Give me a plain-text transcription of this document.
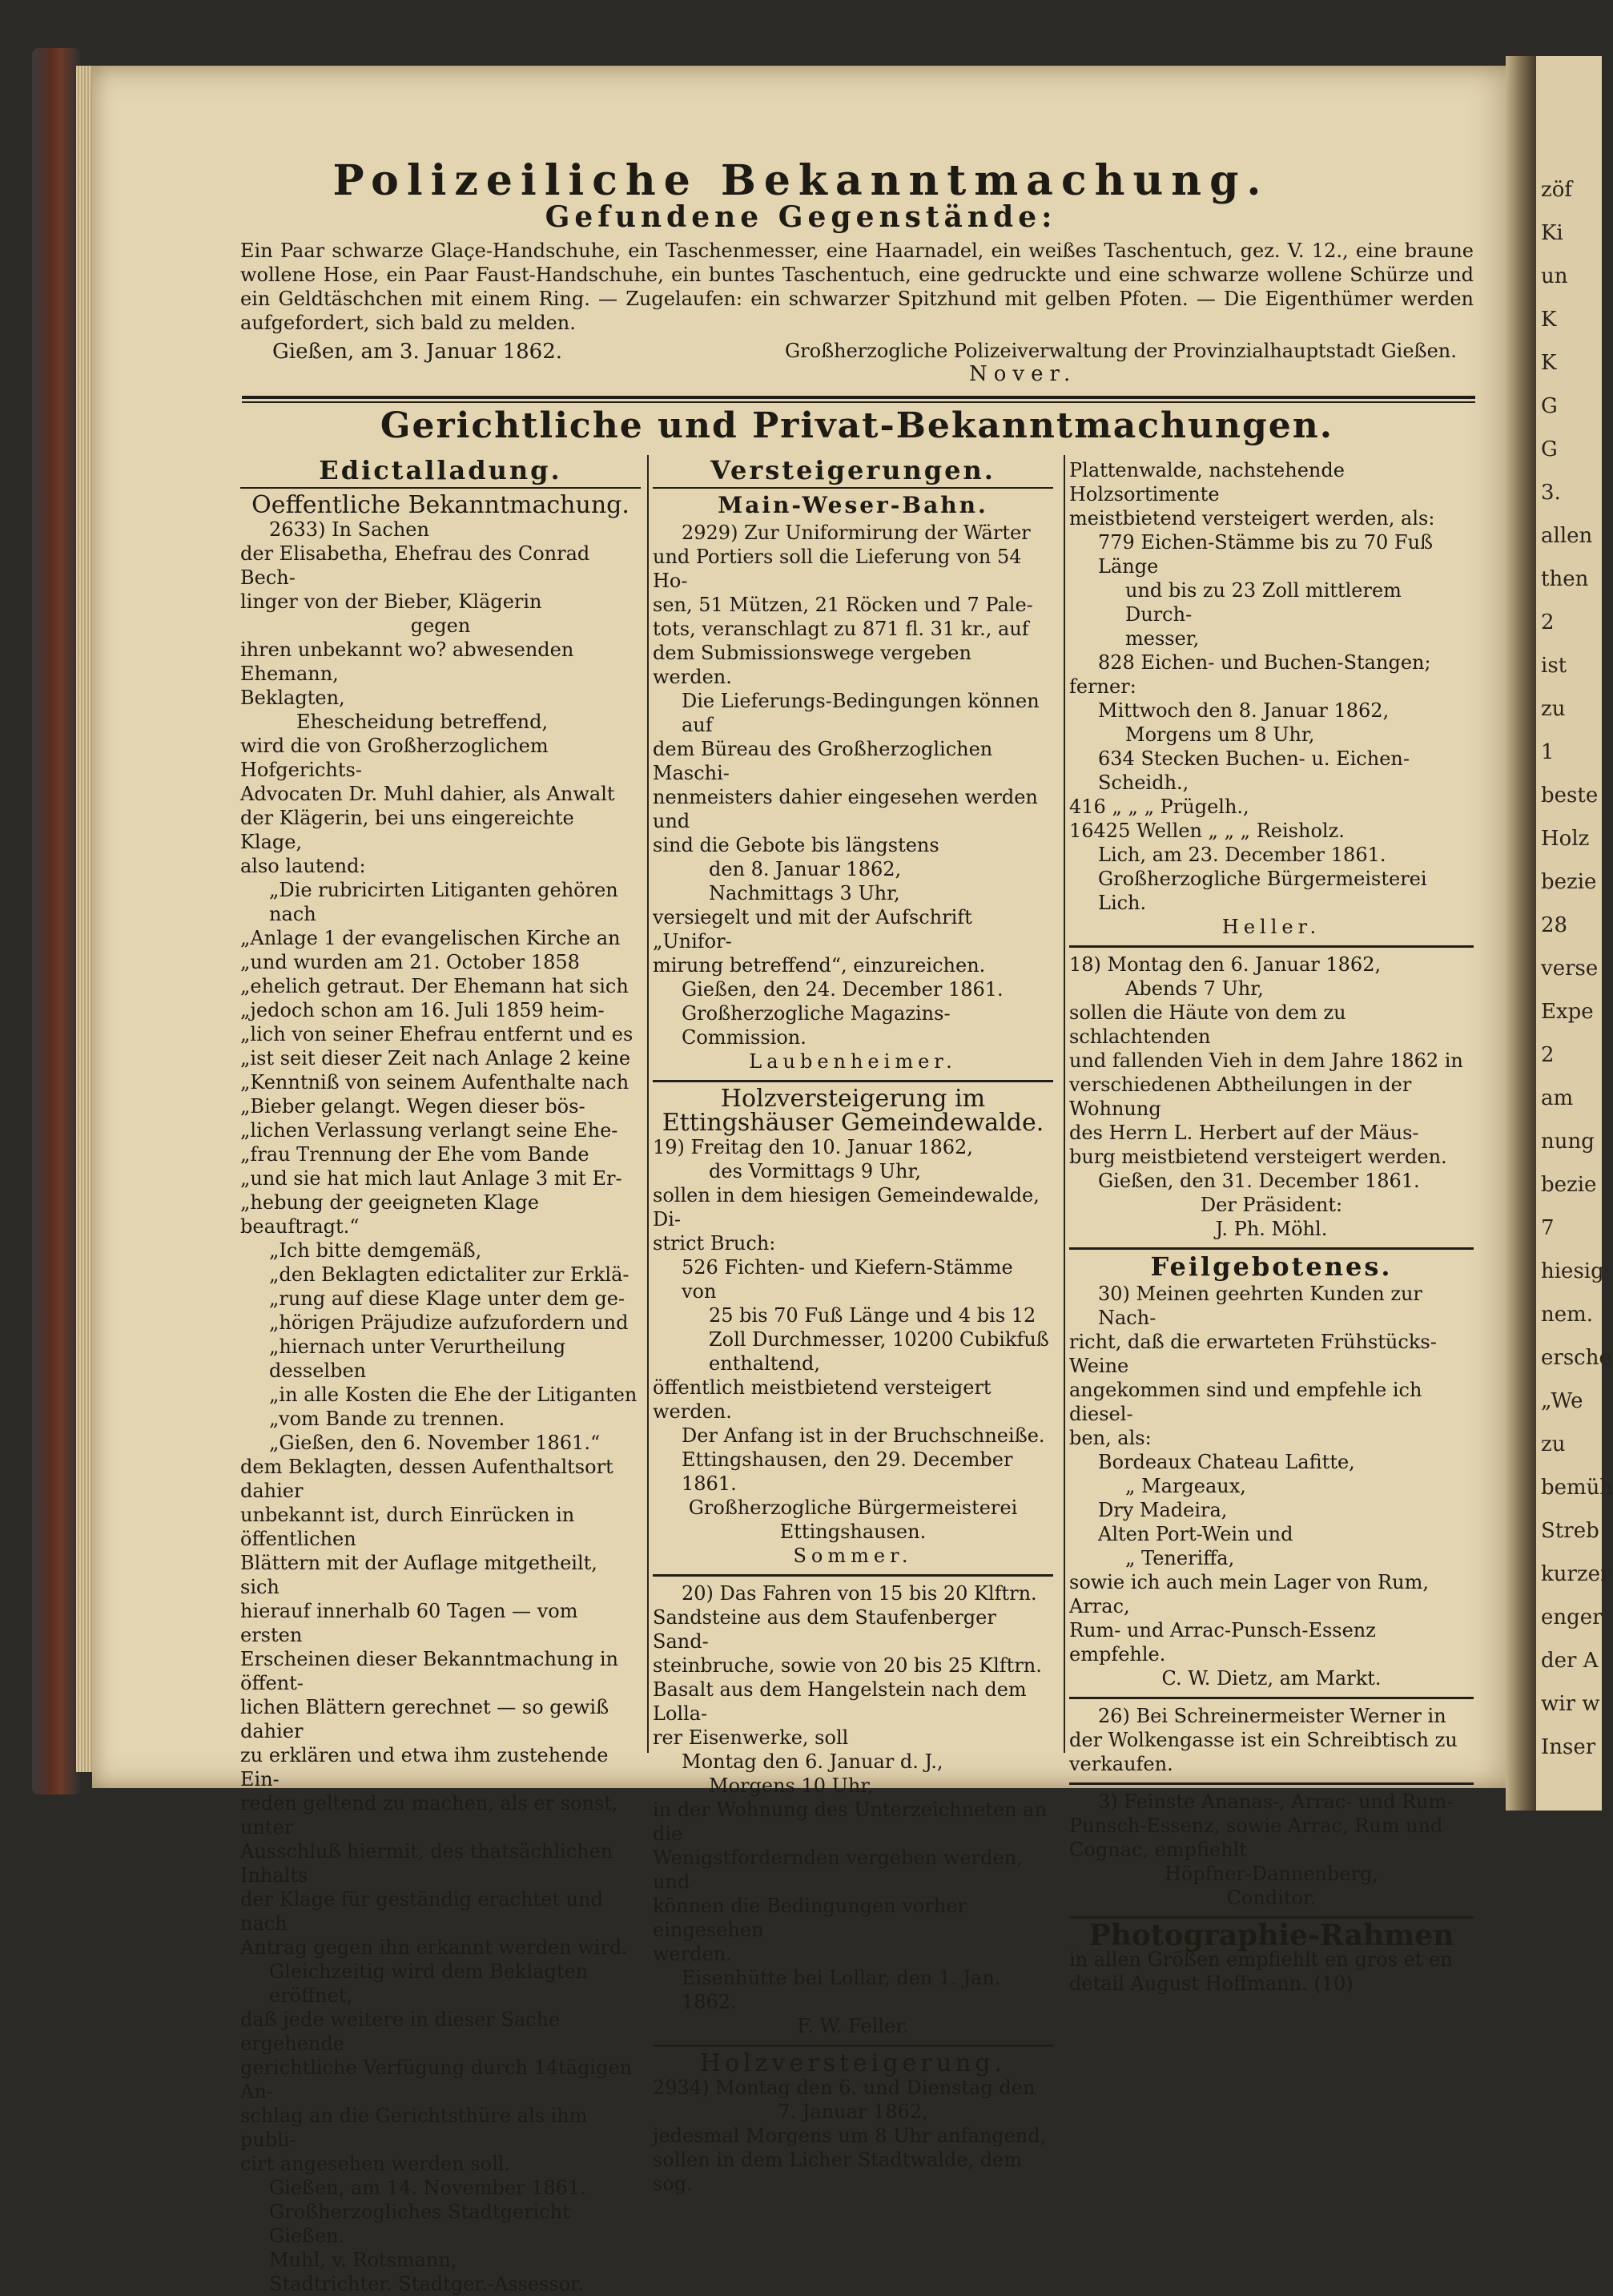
zöf
Ki
un
K
K
G
G
3.
allen
then
2
ist
zu
1
beste
Holz
bezie
28
verse
Expe
2
am
nung
bezie
7
hiesig
nem.
ersche
„We
zu
bemüh
Streb
kurzer
enger
der A
wir w
Inser
Polizeiliche Bekanntmachung.
Gefundene Gegenstände:
Ein Paar schwarze Glaçe-Handschuhe, ein Taschenmesser, eine Haarnadel, ein weißes Taschentuch, gez. V. 12., eine braune wollene Hose, ein Paar Faust-Handschuhe, ein buntes Taschentuch, eine gedruckte und eine schwarze wollene Schürze und ein Geldtäschchen mit einem Ring. — Zugelaufen: ein schwarzer Spitzhund mit gelben Pfoten. — Die Eigenthümer werden aufgefordert, sich bald zu melden.
Gießen, am 3. Januar 1862.	Großherzogliche Polizeiverwaltung der Provinzialhauptstadt Gießen.
Nover.
Gerichtliche und Privat-Bekanntmachungen.

Edictalladung.

Oeffentliche Bekanntmachung.

2633) In Sachen

der Elisabetha, Ehefrau des Conrad Bech-

linger von der Bieber, Klägerin

gegen

ihren unbekannt wo? abwesenden Ehemann,

Beklagten,

Ehescheidung betreffend,

wird die von Großherzoglichem Hofgerichts-

Advocaten Dr. Muhl dahier, als Anwalt

der Klägerin, bei uns eingereichte Klage,

also lautend:

„Die rubricirten Litiganten gehören nach

„Anlage 1 der evangelischen Kirche an

„und wurden am 21. October 1858

„ehelich getraut. Der Ehemann hat sich

„jedoch schon am 16. Juli 1859 heim-

„lich von seiner Ehefrau entfernt und es

„ist seit dieser Zeit nach Anlage 2 keine

„Kenntniß von seinem Aufenthalte nach

„Bieber gelangt. Wegen dieser bös-

„lichen Verlassung verlangt seine Ehe-

„frau Trennung der Ehe vom Bande

„und sie hat mich laut Anlage 3 mit Er-

„hebung der geeigneten Klage beauftragt.“

„Ich bitte demgemäß,

„den Beklagten edictaliter zur Erklä-

„rung auf diese Klage unter dem ge-

„hörigen Präjudize aufzufordern und

„hiernach unter Verurtheilung desselben

„in alle Kosten die Ehe der Litiganten

„vom Bande zu trennen.

„Gießen, den 6. November 1861.“

dem Beklagten, dessen Aufenthaltsort dahier

unbekannt ist, durch Einrücken in öffentlichen

Blättern mit der Auflage mitgetheilt, sich

hierauf innerhalb 60 Tagen — vom ersten

Erscheinen dieser Bekanntmachung in öffent-

lichen Blättern gerechnet — so gewiß dahier

zu erklären und etwa ihm zustehende Ein-

reden geltend zu machen, als er sonst, unter

Ausschluß hiermit, des thatsächlichen Inhalts

der Klage für geständig erachtet und nach

Antrag gegen ihn erkannt werden wird.

Gleichzeitig wird dem Beklagten eröffnet,

daß jede weitere in dieser Sache ergehende

gerichtliche Verfügung durch 14tägigen An-

schlag an die Gerichtsthüre als ihm publi-

cirt angesehen werden soll.

Gießen, am 14. November 1861.

Großherzogliches Stadtgericht Gießen.

Muhl, v. Rotsmann,

Stadtrichter. Stadtger.-Assessor.

Versteigerungen.

Main-Weser-Bahn.

2929) Zur Uniformirung der Wärter

und Portiers soll die Lieferung von 54 Ho-

sen, 51 Mützen, 21 Röcken und 7 Pale-

tots, veranschlagt zu 871 fl. 31 kr., auf

dem Submissionswege vergeben werden.

Die Lieferungs-Bedingungen können auf

dem Büreau des Großherzoglichen Maschi-

nenmeisters dahier eingesehen werden und

sind die Gebote bis längstens

den 8. Januar 1862,

Nachmittags 3 Uhr,

versiegelt und mit der Aufschrift „Unifor-

mirung betreffend“, einzureichen.

Gießen, den 24. December 1861.

Großherzogliche Magazins-Commission.

Laubenheimer.

Holzversteigerung im Ettingshäuser Gemeindewalde.

19) Freitag den 10. Januar 1862,

des Vormittags 9 Uhr,

sollen in dem hiesigen Gemeindewalde, Di-

strict Bruch:

526 Fichten- und Kiefern-Stämme von

25 bis 70 Fuß Länge und 4 bis 12

Zoll Durchmesser, 10200 Cubikfuß

enthaltend,

öffentlich meistbietend versteigert werden.

Der Anfang ist in der Bruchschneiße.

Ettingshausen, den 29. December 1861.

Großherzogliche Bürgermeisterei

Ettingshausen.

Sommer.

20) Das Fahren von 15 bis 20 Klftrn.

Sandsteine aus dem Staufenberger Sand-

steinbruche, sowie von 20 bis 25 Klftrn.

Basalt aus dem Hangelstein nach dem Lolla-

rer Eisenwerke, soll

Montag den 6. Januar d. J.,

Morgens 10 Uhr,

in der Wohnung des Unterzeichneten an die

Wenigstfordernden vergeben werden, und

können die Bedingungen vorher eingesehen

werden.

Eisenhütte bei Lollar, den 1. Jan. 1862.

F. W. Feller.

Holzversteigerung.

2934) Montag den 6. und Dienstag den

7. Januar 1862,

jedesmal Morgens um 8 Uhr anfangend,

sollen in dem Licher Stadtwalde, dem sog.

Plattenwalde, nachstehende Holzsortimente

meistbietend versteigert werden, als:

779 Eichen-Stämme bis zu 70 Fuß Länge

und bis zu 23 Zoll mittlerem Durch-

messer,

828 Eichen- und Buchen-Stangen;

ferner:

Mittwoch den 8. Januar 1862,

Morgens um 8 Uhr,

634 Stecken Buchen- u. Eichen-Scheidh.,

416 „ „ „ Prügelh.,

16425 Wellen „ „ „ Reisholz.

Lich, am 23. December 1861.

Großherzogliche Bürgermeisterei Lich.

Heller.

18) Montag den 6. Januar 1862,

Abends 7 Uhr,

sollen die Häute von dem zu schlachtenden

und fallenden Vieh in dem Jahre 1862 in

verschiedenen Abtheilungen in der Wohnung

des Herrn L. Herbert auf der Mäus-

burg meistbietend versteigert werden.

Gießen, den 31. December 1861.

Der Präsident:

J. Ph. Möhl.

Feilgebotenes.

30) Meinen geehrten Kunden zur Nach-

richt, daß die erwarteten Frühstücks-Weine

angekommen sind und empfehle ich diesel-

ben, als:

Bordeaux Chateau Lafitte,

„ Margeaux,

Dry Madeira,

Alten Port-Wein und

„ Teneriffa,

sowie ich auch mein Lager von Rum, Arrac,

Rum- und Arrac-Punsch-Essenz empfehle.

C. W. Dietz, am Markt.

26) Bei Schreinermeister Werner in

der Wolkengasse ist ein Schreibtisch zu

verkaufen.

3) Feinste Ananas-, Arrac- und Rum-

Punsch-Essenz, sowie Arrac, Rum und

Cognac, empfiehlt

Höpfner-Dannenberg,

Conditor.

Photographie-Rahmen

in allen Größen empfiehlt en gros et en

detail August Hoffmann. (10)
